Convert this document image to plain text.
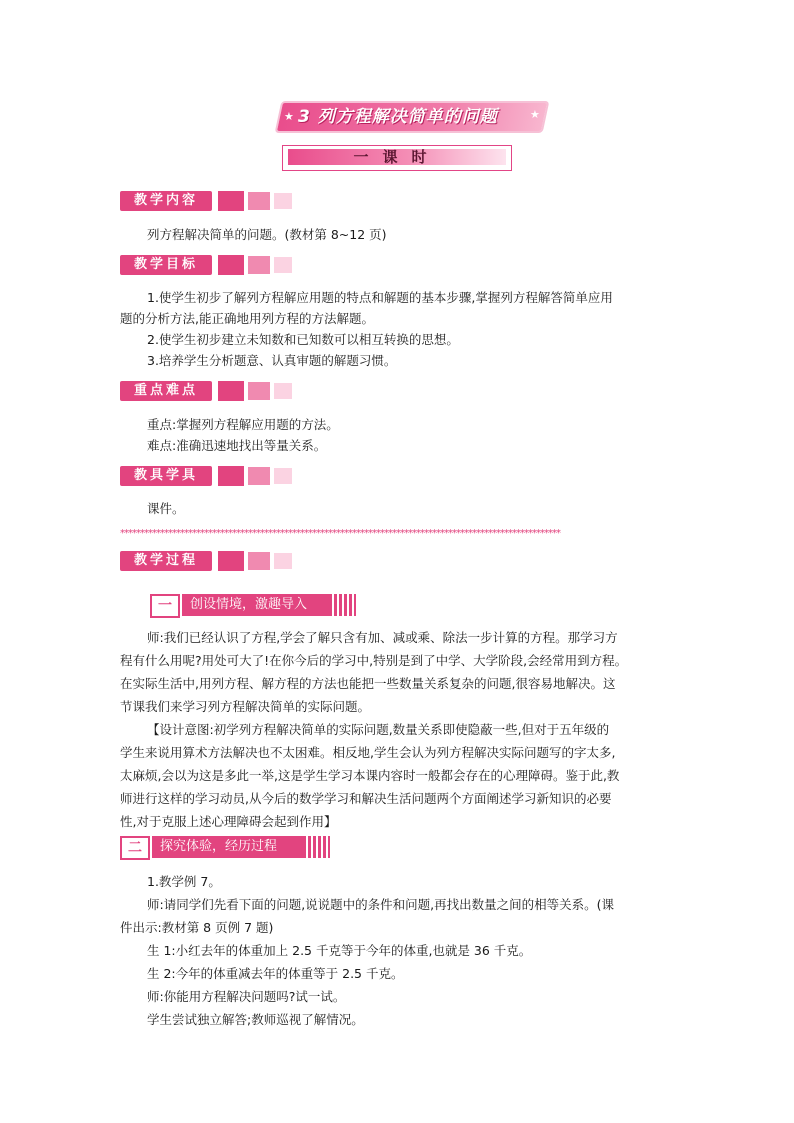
3 列方程解决简单的问题
★	★
一课时
教学内容
列方程解决简单的问题。(教材第 8~12 页)
教学目标
1.使学生初步了解列方程解应用题的特点和解题的基本步骤,掌握列方程解答简单应用
题的分析方法,能正确地用列方程的方法解题。
2.使学生初步建立未知数和已知数可以相互转换的思想。
3.培养学生分析题意、认真审题的解题习惯。
重点难点
重点:掌握列方程解应用题的方法。
难点:准确迅速地找出等量关系。
教具学具
课件。
**************************************************************************************************************
教学过程
一	创设情境，激趣导入
师:我们已经认识了方程,学会了解只含有加、减或乘、除法一步计算的方程。那学习方
程有什么用呢?用处可大了!在你今后的学习中,特别是到了中学、大学阶段,会经常用到方程。
在实际生活中,用列方程、解方程的方法也能把一些数量关系复杂的问题,很容易地解决。这
节课我们来学习列方程解决简单的实际问题。
【设计意图:初学列方程解决简单的实际问题,数量关系即使隐蔽一些,但对于五年级的
学生来说用算术方法解决也不太困难。相反地,学生会认为列方程解决实际问题写的字太多,
太麻烦,会以为这是多此一举,这是学生学习本课内容时一般都会存在的心理障碍。鉴于此,教
师进行这样的学习动员,从今后的数学学习和解决生活问题两个方面阐述学习新知识的必要
性,对于克服上述心理障碍会起到作用】
二	探究体验，经历过程
1.教学例 7。
师:请同学们先看下面的问题,说说题中的条件和问题,再找出数量之间的相等关系。(课
件出示:教材第 8 页例 7 题)
生 1:小红去年的体重加上 2.5 千克等于今年的体重,也就是 36 千克。
生 2:今年的体重减去年的体重等于 2.5 千克。
师:你能用方程解决问题吗?试一试。
学生尝试独立解答;教师巡视了解情况。
